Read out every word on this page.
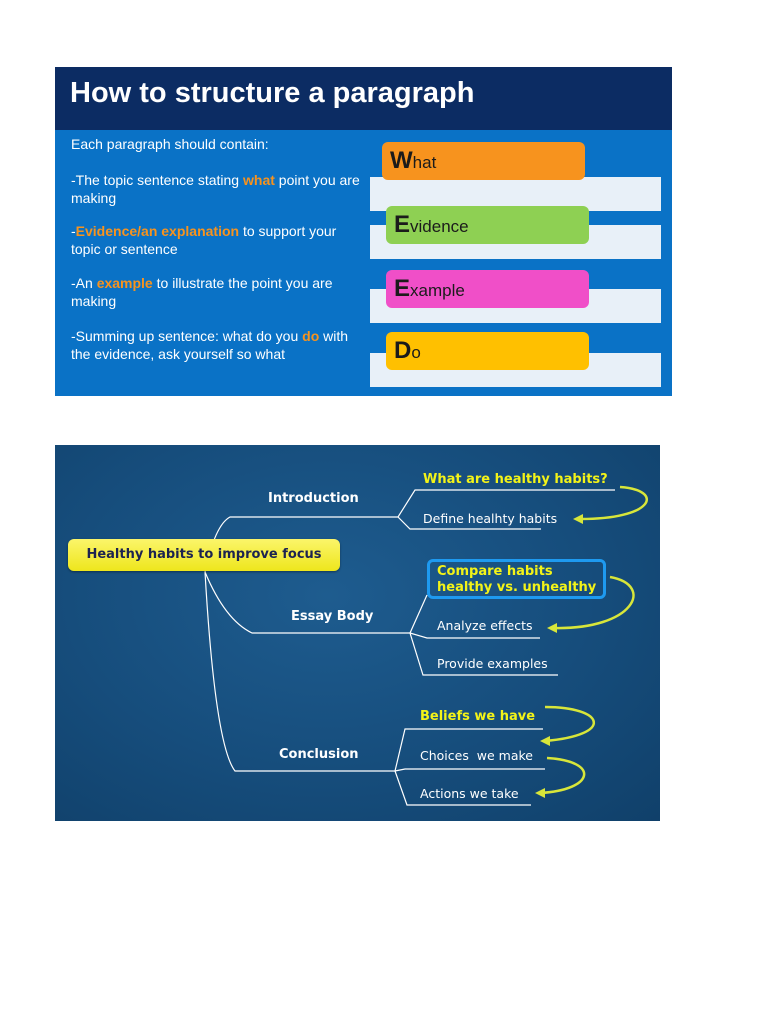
How to structure a paragraph
Each paragraph should contain:
-The topic sentence stating what point you are making
-Evidence/an explanation to support your topic or sentence
-An example to illustrate the point you are making
-Summing up sentence: what do you do with the evidence, ask yourself so what
What
Evidence
Example
Do
Healthy habits to improve focus
Introduction
Essay Body
Conclusion
What are healthy habits?
Define healhty habits
Compare habits
healthy vs. unhealthy
Analyze effects
Provide examples
Beliefs we have
Choices  we make
Actions we take
